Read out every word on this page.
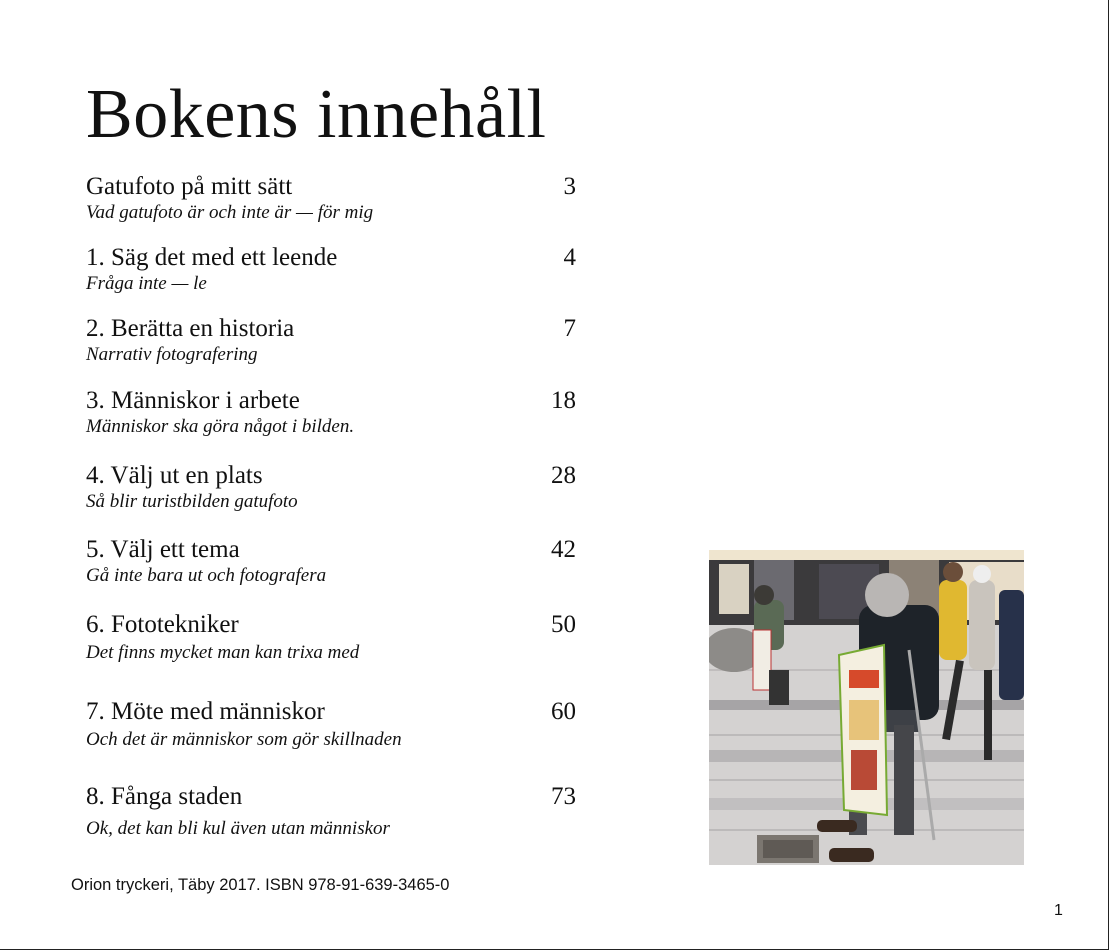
Bokens innehåll
Gatufoto på mitt sätt	3
Vad gatufoto är och inte är — för mig
1. Säg det med ett leende	4
Fråga inte — le
2. Berätta en historia	7
Narrativ fotografering
3. Människor i arbete	18
Människor ska göra något i bilden.
4. Välj ut en plats	28
Så blir turistbilden gatufoto
5. Välj ett tema	42
Gå inte bara ut och fotografera
6. Fototekniker	50
Det finns mycket man kan trixa med
7. Möte med människor	60
Och det är människor som gör skillnaden
8. Fånga staden	73
Ok, det kan bli kul även utan människor
Orion tryckeri, Täby 2017. ISBN 978-91-639-3465-0
1
